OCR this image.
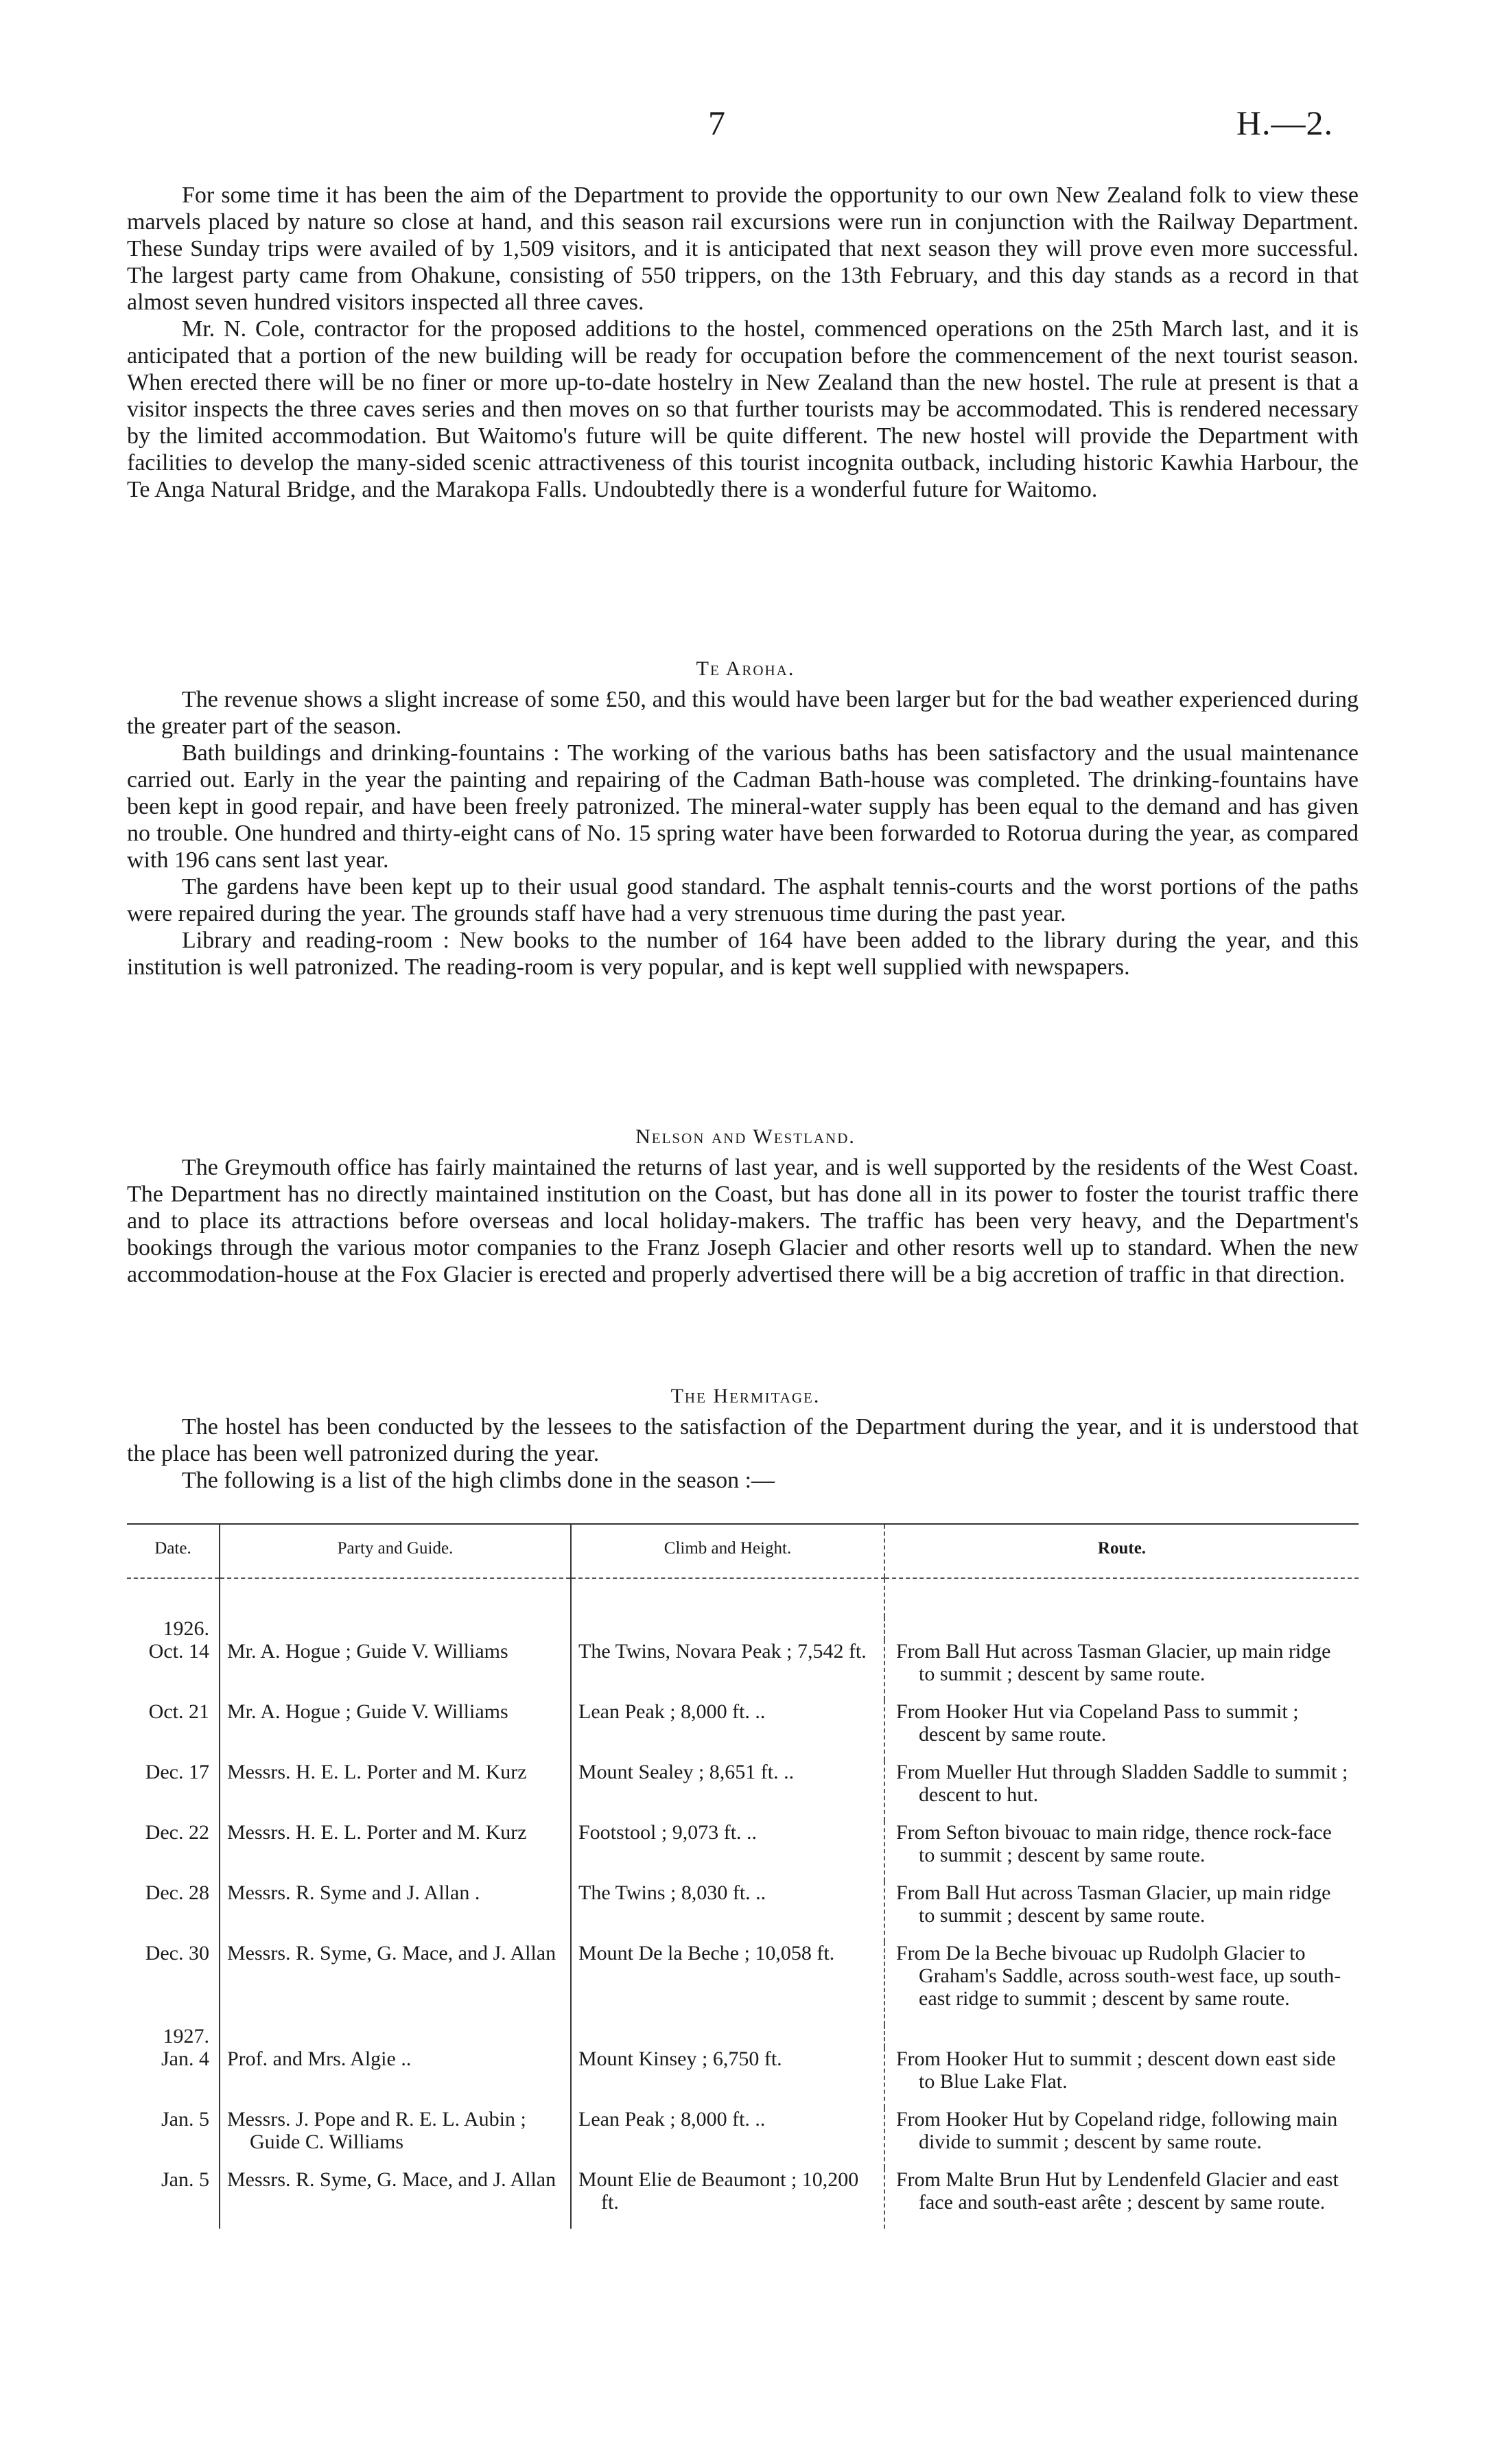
7	H.—2.

For some time it has been the aim of the Department to provide the opportunity to our own New Zealand folk to view these marvels placed by nature so close at hand, and this season rail excursions were run in conjunction with the Railway Department. These Sunday trips were availed of by 1,509 visitors, and it is anticipated that next season they will prove even more successful. The largest party came from Ohakune, consisting of 550 trippers, on the 13th February, and this day stands as a record in that almost seven hundred visitors inspected all three caves.

Mr. N. Cole, contractor for the proposed additions to the hostel, commenced operations on the 25th March last, and it is anticipated that a portion of the new building will be ready for occupation before the commencement of the next tourist season. When erected there will be no finer or more up-to-date hostelry in New Zealand than the new hostel. The rule at present is that a visitor inspects the three caves series and then moves on so that further tourists may be accommodated. This is rendered necessary by the limited accommodation. But Waitomo's future will be quite different. The new hostel will provide the Department with facilities to develop the many-sided scenic attractiveness of this tourist incognita outback, including historic Kawhia Harbour, the Te Anga Natural Bridge, and the Marakopa Falls. Undoubtedly there is a wonderful future for Waitomo.

Te Aroha.

The revenue shows a slight increase of some £50, and this would have been larger but for the bad weather experienced during the greater part of the season.

Bath buildings and drinking-fountains : The working of the various baths has been satisfactory and the usual maintenance carried out. Early in the year the painting and repairing of the Cadman Bath-house was completed. The drinking-fountains have been kept in good repair, and have been freely patronized. The mineral-water supply has been equal to the demand and has given no trouble. One hundred and thirty-eight cans of No. 15 spring water have been forwarded to Rotorua during the year, as compared with 196 cans sent last year.

The gardens have been kept up to their usual good standard. The asphalt tennis-courts and the worst portions of the paths were repaired during the year. The grounds staff have had a very strenuous time during the past year.

Library and reading-room : New books to the number of 164 have been added to the library during the year, and this institution is well patronized. The reading-room is very popular, and is kept well supplied with newspapers.

Nelson and Westland.

The Greymouth office has fairly maintained the returns of last year, and is well supported by the residents of the West Coast. The Department has no directly maintained institution on the Coast, but has done all in its power to foster the tourist traffic there and to place its attractions before overseas and local holiday-makers. The traffic has been very heavy, and the Department's bookings through the various motor companies to the Franz Joseph Glacier and other resorts well up to standard. When the new accommodation-house at the Fox Glacier is erected and properly advertised there will be a big accretion of traffic in that direction.

The Hermitage.

The hostel has been conducted by the lessees to the satisfaction of the Department during the year, and it is understood that the place has been well patronized during the year.

The following is a list of the high climbs done in the season :—

Date.	Party and Guide.	Climb and Height.	Route.

1926.			
Oct. 14	Mr. A. Hogue ; Guide V. Williams	The Twins, Novara Peak ; 7,542 ft.	From Ball Hut across Tasman Glacier, up main ridge to summit ; descent by same route.

Oct. 21	Mr. A. Hogue ; Guide V. Williams	Lean Peak ; 8,000 ft. ..	From Hooker Hut via Copeland Pass to summit ; descent by same route.

Dec. 17	Messrs. H. E. L. Porter and M. Kurz	Mount Sealey ; 8,651 ft. ..	From Mueller Hut through Sladden Saddle to summit ; descent to hut.

Dec. 22	Messrs. H. E. L. Porter and M. Kurz	Footstool ; 9,073 ft. ..	From Sefton bivouac to main ridge, thence rock-face to summit ; descent by same route.

Dec. 28	Messrs. R. Syme and J. Allan .	The Twins ; 8,030 ft. ..	From Ball Hut across Tasman Glacier, up main ridge to summit ; descent by same route.

Dec. 30	Messrs. R. Syme, G. Mace, and J. Allan	Mount De la Beche ; 10,058 ft.	From De la Beche bivouac up Rudolph Glacier to Graham's Saddle, across south-west face, up south-east ridge to summit ; descent by same route.

1927.			
Jan. 4	Prof. and Mrs. Algie ..	Mount Kinsey ; 6,750 ft.	From Hooker Hut to summit ; descent down east side to Blue Lake Flat.

Jan. 5	Messrs. J. Pope and R. E. L. Aubin ; Guide C. Williams	Lean Peak ; 8,000 ft. ..	From Hooker Hut by Copeland ridge, following main divide to summit ; descent by same route.

Jan. 5	Messrs. R. Syme, G. Mace, and J. Allan	Mount Elie de Beaumont ; 10,200 ft.	From Malte Brun Hut by Lendenfeld Glacier and east face and south-east arête ; descent by same route.
